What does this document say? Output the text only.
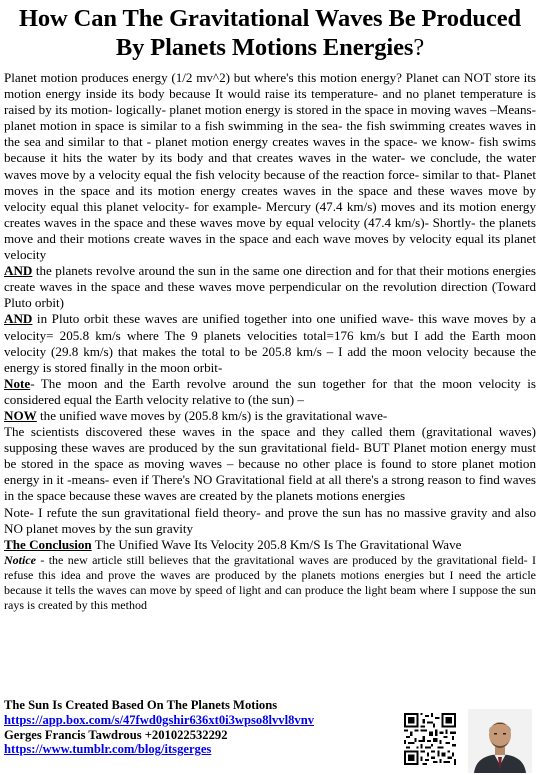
How Can The Gravitational Waves Be Produced By Planets Motions Energies?

Planet motion produces energy (1/2 mv^2) but where's this motion energy? Planet can NOT store its motion energy inside its body because It would raise its temperature- and no planet temperature is raised by its motion- logically- planet motion energy is stored in the space in moving waves –Means- planet motion in space is similar to a fish swimming in the sea- the fish swimming creates waves in the sea and similar to that - planet motion energy creates waves in the space- we know- fish swims because it hits the water by its body and that creates waves in the water- we conclude, the water waves move by a velocity equal the fish velocity because of the reaction force- similar to that- Planet moves in the space and its motion energy creates waves in the space and these waves move by velocity equal this planet velocity- for example- Mercury (47.4 km/s) moves and its motion energy creates waves in the space and these waves move by equal velocity (47.4 km/s)- Shortly- the planets move and their motions create waves in the space and each wave moves by velocity equal its planet velocity

AND the planets revolve around the sun in the same one direction and for that their motions energies create waves in the space and these waves move perpendicular on the revolution direction (Toward Pluto orbit)

AND in Pluto orbit these waves are unified together into one unified wave- this wave moves by a velocity= 205.8 km/s where The 9 planets velocities total=176 km/s but I add the Earth moon velocity (29.8 km/s) that makes the total to be 205.8 km/s – I add the moon velocity because the energy is stored finally in the moon orbit-

Note- The moon and the Earth revolve around the sun together for that the moon velocity is considered equal the Earth velocity relative to (the sun) –

NOW the unified wave moves by (205.8 km/s) is the gravitational wave-

The scientists discovered these waves in the space and they called them (gravitational waves) supposing these waves are produced by the sun gravitational field- BUT Planet motion energy must be stored in the space as moving waves – because no other place is found to store planet motion energy in it -means- even if There's NO Gravitational field at all there's a strong reason to find waves in the space because these waves are created by the planets motions energies

Note- I refute the sun gravitational field theory- and prove the sun has no massive gravity and also NO planet moves by the sun gravity

The Conclusion The Unified Wave Its Velocity 205.8 Km/S Is The Gravitational Wave

Notice - the new article still believes that the gravitational waves are produced by the gravitational field- I refuse this idea and prove the waves are produced by the planets motions energies but I need the article because it tells the waves can move by speed of light and can produce the light beam where I suppose the sun rays is created by this method

The Sun Is Created Based On The Planets Motions
https://app.box.com/s/47fwd0gshir636xt0i3wpso8lvvl8vnv
Gerges Francis Tawdrous +201022532292
https://www.tumblr.com/blog/itsgerges
